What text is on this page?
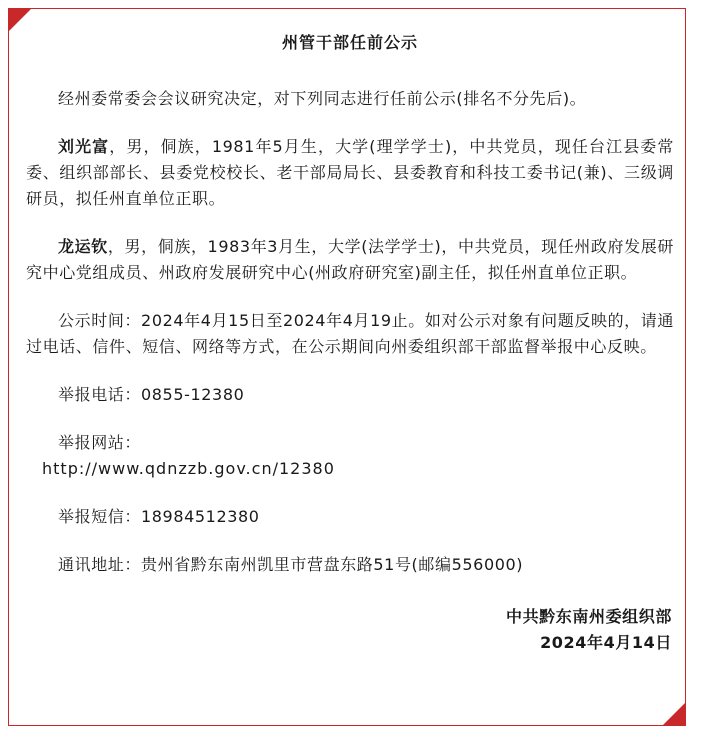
州管干部任前公示

经州委常委会会议研究决定，对下列同志进行任前公示(排名不分先后)。

刘光富，男，侗族，1981年5月生，大学(理学学士)，中共党员，现任台江县委常委、组织部部长、县委党校校长、老干部局局长、县委教育和科技工委书记(兼)、三级调研员，拟任州直单位正职。

龙运钦，男，侗族，1983年3月生，大学(法学学士)，中共党员，现任州政府发展研究中心党组成员、州政府发展研究中心(州政府研究室)副主任，拟任州直单位正职。

公示时间：2024年4月15日至2024年4月19止。如对公示对象有问题反映的，请通过电话、信件、短信、网络等方式，在公示期间向州委组织部干部监督举报中心反映。

举报电话：0855-12380

举报网站：
http://www.qdnzzb.gov.cn/12380

举报短信：18984512380

通讯地址：贵州省黔东南州凯里市营盘东路51号(邮编556000)

中共黔东南州委组织部
2024年4月14日
